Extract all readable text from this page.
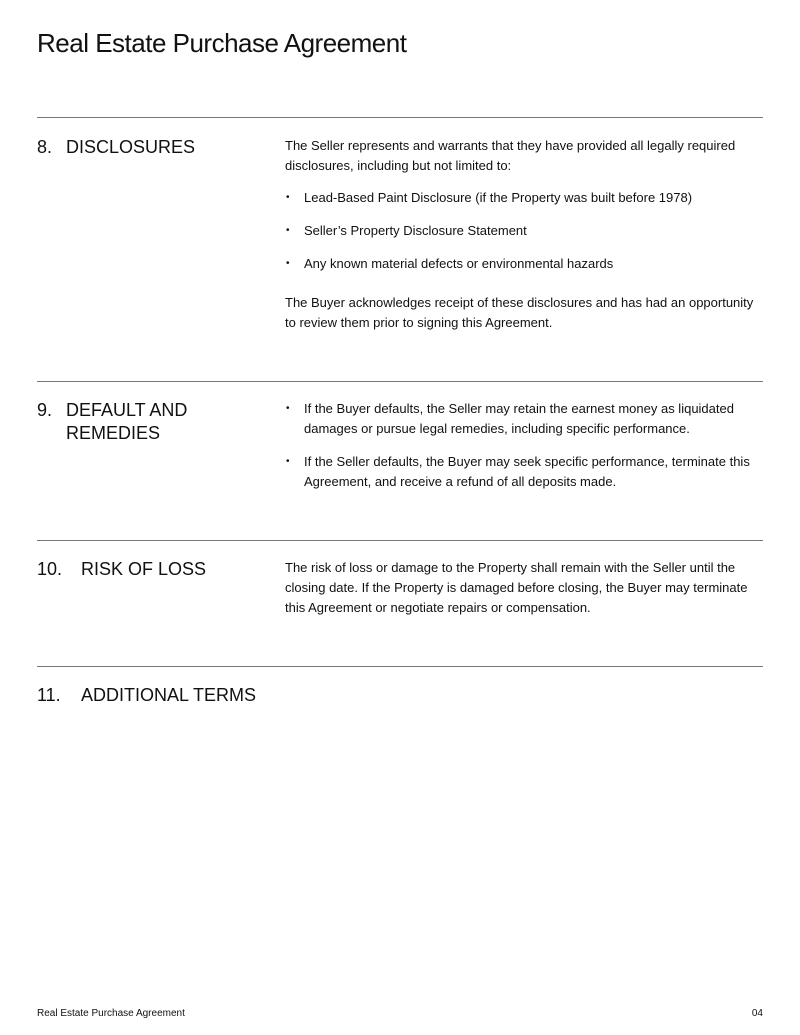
Real Estate Purchase Agreement
8. DISCLOSURES	The Seller represents and warrants that they have provided all legally required disclosures, including but not limited to:

• Lead-Based Paint Disclosure (if the Property was built before 1978)
• Seller’s Property Disclosure Statement
• Any known material defects or environmental hazards

The Buyer acknowledges receipt of these disclosures and has had an opportunity to review them prior to signing this Agreement.

9. DEFAULT AND REMEDIES
• If the Buyer defaults, the Seller may retain the earnest money as liquidated damages or pursue legal remedies, including specific performance.
• If the Seller defaults, the Buyer may seek specific performance, terminate this Agreement, and receive a refund of all deposits made.
10.	RISK OF LOSS	The risk of loss or damage to the Property shall remain with the Seller until the closing date. If the Property is damaged before closing, the Buyer may terminate this Agreement or negotiate repairs or compensation.

11.	ADDITIONAL TERMS
Real Estate Purchase Agreement	04
